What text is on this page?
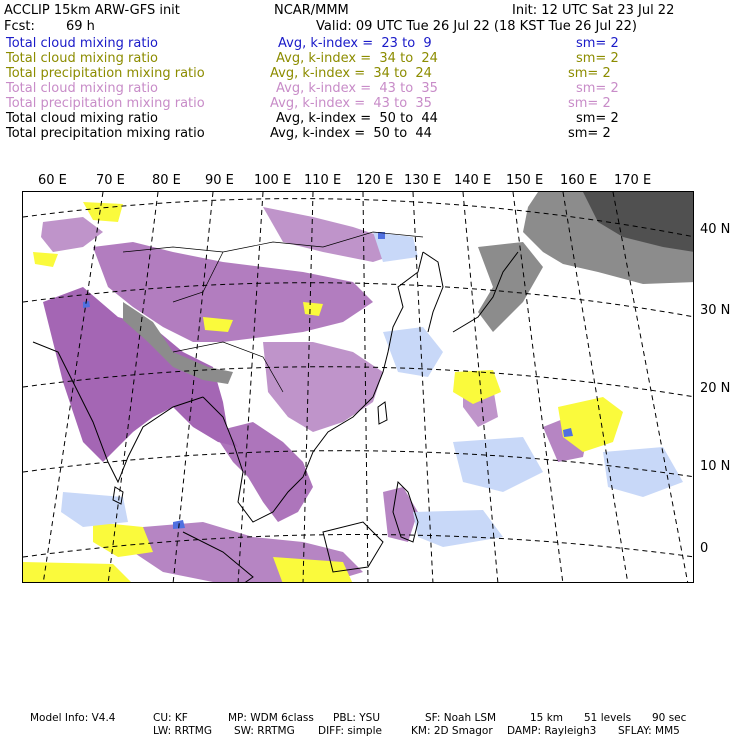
ACCLIP 15km ARW-GFS init	NCAR/MMM	Init: 12 UTC Sat 23 Jul 22
Fcst: 69 h	Valid: 09 UTC Tue 26 Jul 22 (18 KST Tue 26 Jul 22)
Total cloud mixing ratio	Avg, k-index =  23 to  9	sm= 2
Total cloud mixing ratio	Avg, k-index =  34 to  24	sm= 2
Total precipitation mixing ratio	Avg, k-index =  34 to  24	sm= 2
Total cloud mixing ratio	Avg, k-index =  43 to  35	sm= 2
Total precipitation mixing ratio	Avg, k-index =  43 to  35	sm= 2
Total cloud mixing ratio	Avg, k-index =  50 to  44	sm= 2
Total precipitation mixing ratio	Avg, k-index =  50 to  44	sm= 2
60 E 70 E 80 E 90 E 100 E 110 E 120 E 130 E 140 E 150 E 160 E 170 E
40 N
30 N
20 N
10 N
0
Model Info: V4.4	CU: KF	MP: WDM 6class PBL: YSU	SF: Noah LSM	15 km 51 levels 90 sec
LW: RRTMG SW: RRTMG DIFF: simple	KM: 2D Smagor DAMP: Rayleigh3 SFLAY: MM5
